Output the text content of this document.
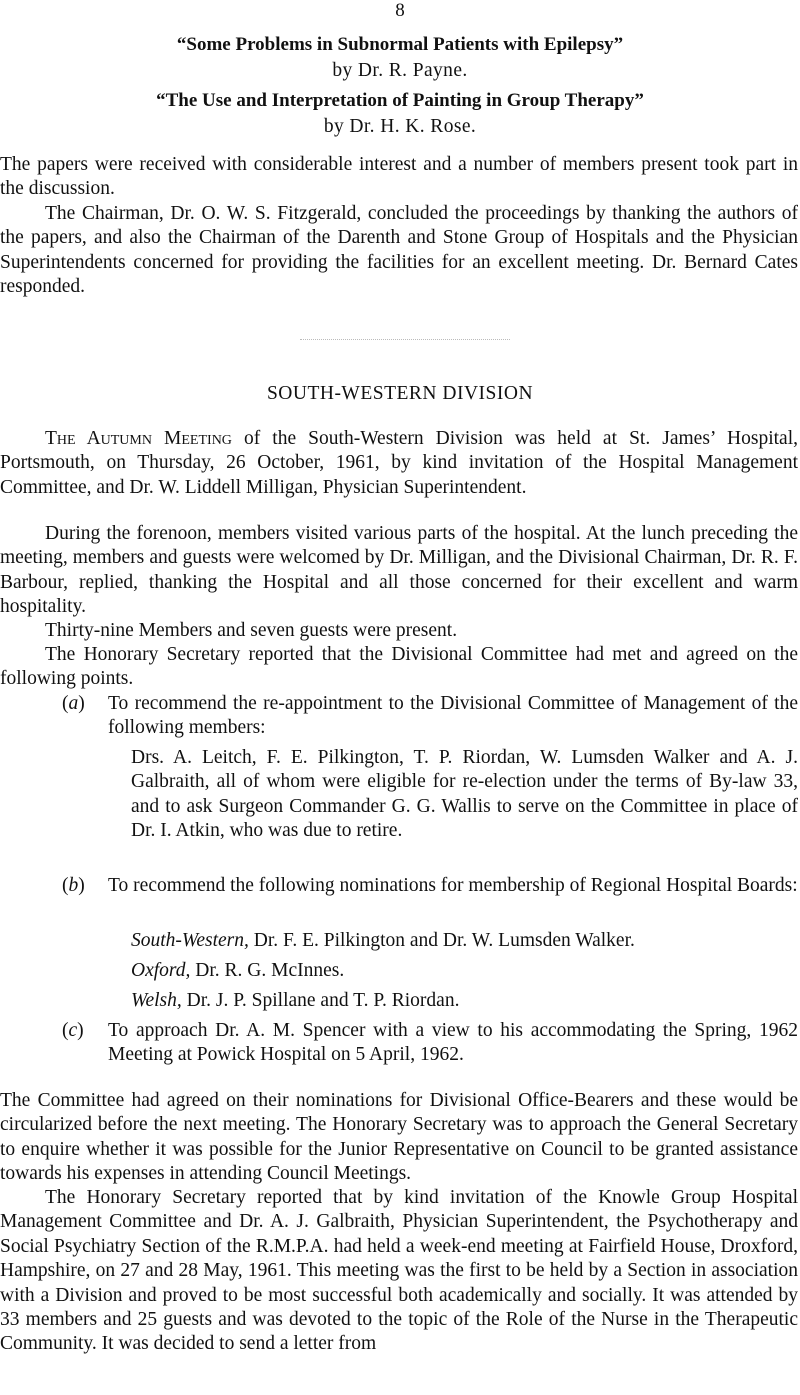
8
“Some Problems in Subnormal Patients with Epilepsy”
by Dr. R. Payne.
“The Use and Interpretation of Painting in Group Therapy”
by Dr. H. K. Rose.

The papers were received with considerable interest and a number of members present took part in the discussion.

The Chairman, Dr. O. W. S. Fitzgerald, concluded the proceedings by thanking the authors of the papers, and also the Chairman of the Darenth and Stone Group of Hospitals and the Physician Superintendents concerned for providing the facilities for an excellent meeting. Dr. Bernard Cates responded.

SOUTH-WESTERN DIVISION

The Autumn Meeting of the South-Western Division was held at St. James’ Hospital, Portsmouth, on Thursday, 26 October, 1961, by kind invitation of the Hospital Management Committee, and Dr. W. Liddell Milligan, Physician Superintendent.

During the forenoon, members visited various parts of the hospital. At the lunch preceding the meeting, members and guests were welcomed by Dr. Milligan, and the Divisional Chairman, Dr. R. F. Barbour, replied, thanking the Hospital and all those concerned for their excellent and warm hospitality.

Thirty-nine Members and seven guests were present.

The Honorary Secretary reported that the Divisional Committee had met and agreed on the following points.

(a) To recommend the re-appointment to the Divisional Committee of Management of the following members:
Drs. A. Leitch, F. E. Pilkington, T. P. Riordan, W. Lumsden Walker and A. J. Galbraith, all of whom were eligible for re-election under the terms of By-law 33, and to ask Surgeon Commander G. G. Wallis to serve on the Committee in place of Dr. I. Atkin, who was due to retire.
(b) To recommend the following nominations for membership of Regional Hospital Boards:
South-Western, Dr. F. E. Pilkington and Dr. W. Lumsden Walker.
Oxford, Dr. R. G. McInnes.
Welsh, Dr. J. P. Spillane and T. P. Riordan.
(c) To approach Dr. A. M. Spencer with a view to his accommodating the Spring, 1962 Meeting at Powick Hospital on 5 April, 1962.

The Committee had agreed on their nominations for Divisional Office-Bearers and these would be circularized before the next meeting. The Honorary Secretary was to approach the General Secretary to enquire whether it was possible for the Junior Representative on Council to be granted assistance towards his expenses in attending Council Meetings.

The Honorary Secretary reported that by kind invitation of the Knowle Group Hospital Management Committee and Dr. A. J. Galbraith, Physician Superintendent, the Psychotherapy and Social Psychiatry Section of the R.M.P.A. had held a week-end meeting at Fairfield House, Droxford, Hampshire, on 27 and 28 May, 1961. This meeting was the first to be held by a Section in association with a Division and proved to be most successful both academically and socially. It was attended by 33 members and 25 guests and was devoted to the topic of the Role of the Nurse in the Therapeutic Community. It was decided to send a letter from
